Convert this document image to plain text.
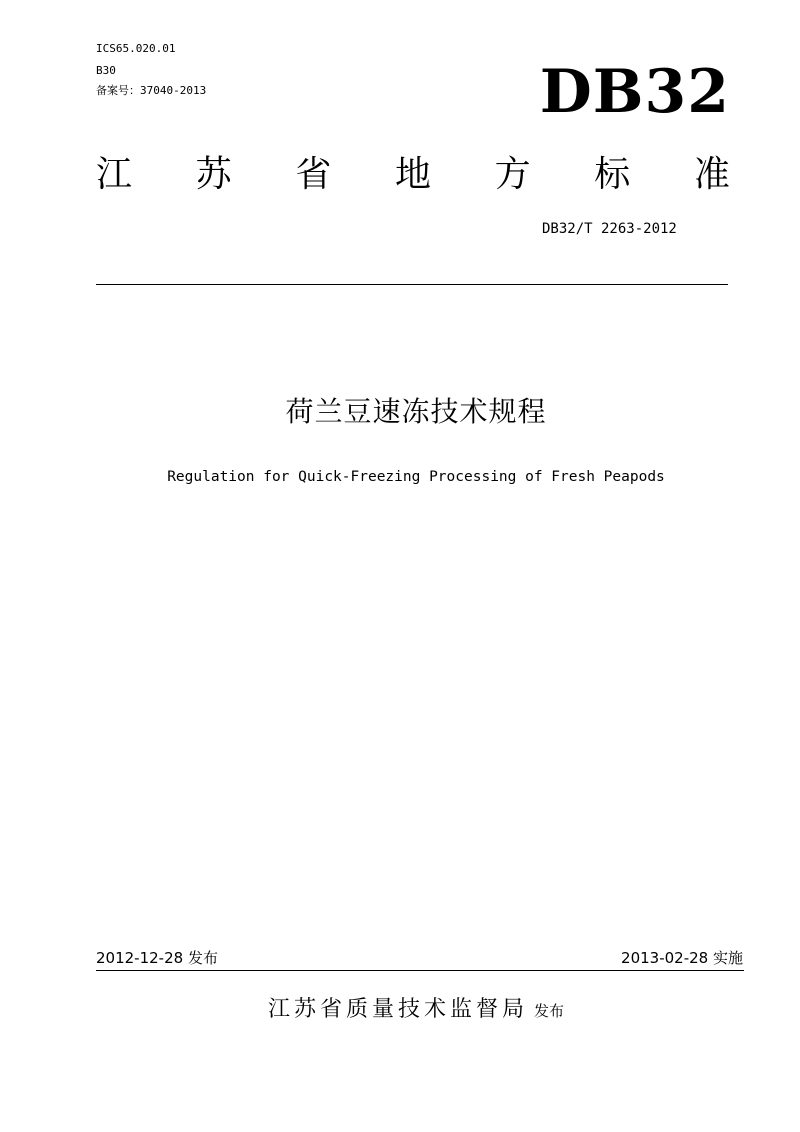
ICS65.020.01
B30
备案号：37040-2013	DB32
江 苏 省 地 方 标 准
DB32/T 2263-2012
荷兰豆速冻技术规程
Regulation for Quick-Freezing Processing of Fresh Peapods
2012-12-28 发布	2013-02-28 实施
江苏省质量技术监督局 发布
